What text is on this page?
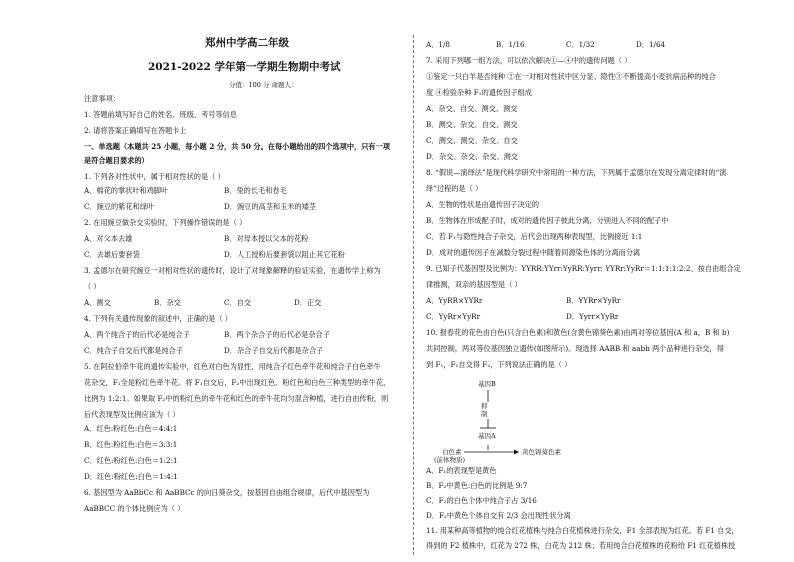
郑州中学高二年级
2021-2022 学年第一学期生物期中考试
分值：100 分 命题人：
注意事项：
1. 答题前填写好自己的姓名、班级、考号等信息
2. 请将答案正确填写在答题卡上
一、单选题（本题共 25 小题，每小题 2 分，共 50 分。在每小题给出的四个选项中，只有一项
是符合题目要求的）
1. 下列各对性状中，属于相对性状的是（ ）
A．棉花的掌状叶和鸡脚叶	B．兔的长毛和卷毛
C．豌豆的紫花和绿叶	D．豌豆的高茎和玉米的矮茎
2. 在用豌豆做杂交实验时，下列操作错误的是（ ）
A．对父本去雄	B．对母本授以父本的花粉
C．去雄后要套袋	D．人工授粉后要套袋以阻止其它花粉
3. 孟德尔在研究豌豆一对相对性状的遗传时，设计了对现象解释的验证实验，在遗传学上称为
（ ）
A．测交	B．杂交	C．自交	D．正交
4. 下列有关遗传现象的叙述中，正确的是（ ）
A．两个纯合子的后代必是纯合子	B．两个杂合子的后代必是杂合子
C．纯合子自交后代都是纯合子	D．杂合子自交后代都是杂合子
5. 在阿拉伯牵牛花的遗传实验中，红色对白色为显性，用纯合子红色牵牛花和纯合子白色牵牛
花杂交，F₁全是粉红色牵牛花。将 F₁自交后，F₂中出现红色、粉红色和白色三种类型的牵牛花，
比例为 1:2:1。如果取 F₂中的粉红色的牵牛花和红色的牵牛花均匀混合种植，进行自由传粉，则
后代表现型及比例应该为（ ）
A．红色:粉红色:白色＝4:4:1
B．红色:粉红色:白色＝3:3:1
C．红色:粉红色:白色＝1:2:1
D．红色:粉红色:白色＝1:4:1
6. 基因型为 AaBbCc 和 AaBBCc 的向日葵杂交，按基因自由组合规律，后代中基因型为
AaBBCC 的个体比例应为（ ）
A．1/8	B．1/16	C．1/32	D．1/64
7. 采用下列哪一组方法，可以依次解决①—④中的遗传问题（ ）
①鉴定一只白羊是否纯种 ②在一对相对性状中区分显、隐性③不断提高小麦抗病品种的纯合
度 ④检验杂种 F₁的遗传因子组成
A．杂交、自交、测交、测交
B．测交、杂交、自交、测交
C．测交、测交、杂交、自交
D．杂交、杂交、杂交、测交
8. “假说—演绎法”是现代科学研究中常用的一种方法，下列属于孟德尔在发现分离定律时的“演
绎”过程的是（ ）
A．生物的性状是由遗传因子决定的
B．生物体在形成配子时，成对的遗传因子彼此分离，分别进入不同的配子中
C．若 F₁与隐性纯合子杂交，后代会出现两种表现型，比例接近 1:1
D．成对的遗传因子在减数分裂过程中随着同源染色体的分离而分离
9. 已知子代基因型及比例为：YYRR:YYrr:YyRR:Yyrr: YYRr:YyRr＝1:1:1:1:2:2。按自由组合定
律推测，双亲的基因型是（ ）
A．YyRR×YYRr	B．YYRr×YyRr
C．YyRr×YyRr	D．Yyrr×YyRr
10. 报春花的花色由白色(只含白色素)和黄色(含黄色锦葵色素)由两对等位基因(A 和 a，B 和 b)
共同控制，两对等位基因独立遗传(如图所示)。现选择 AABB 和 aabb 两个品种进行杂交，得
到 F₁，F₁自交得 F₂，下列说法正确的是（ ）
基因B
抑
制
基因A
白色素
(前体物质)
黄色锦葵色素
A．F₁的表现型是黄色
B．F₂中黄色:白色的比例是 9:7
C．F₂的白色个体中纯合子占 3/16
D．F₂中黄色个体自交有 2/3 会出现性状分离
11. 用某种高等植物的纯合红花植株与纯合白花植株进行杂交，F1 全部表现为红花。若 F1 自交，
得到的 F2 植株中，红花为 272 株，白花为 212 株；若用纯合白花植株的花粉给 F1 红花植株授
